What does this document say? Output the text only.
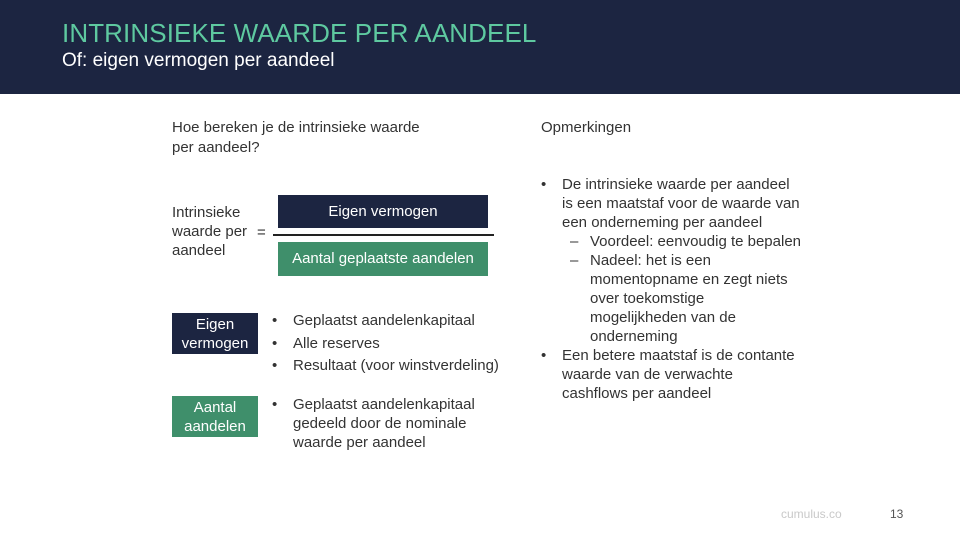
INTRINSIEKE WAARDE PER AANDEEL
Of: eigen vermogen per aandeel
Hoe bereken je de intrinsieke waarde
per aandeel?
Intrinsieke
waarde per
aandeel
=
Eigen vermogen
Aantal geplaatste aandelen
Eigen
vermogen
• Geplaatst aandelenkapitaal
• Alle reserves
• Resultaat (voor winstverdeling)
Aantal
aandelen
• Geplaatst aandelenkapitaal gedeeld door de nominale waarde per aandeel
Opmerkingen
• De intrinsieke waarde per aandeel is een maatstaf voor de waarde van een onderneming per aandeel
– Voordeel: eenvoudig te bepalen
– Nadeel: het is een momentopname en zegt niets over toekomstige mogelijkheden van de onderneming
• Een betere maatstaf is de contante waarde van de verwachte cashflows per aandeel
cumulus.co	13
